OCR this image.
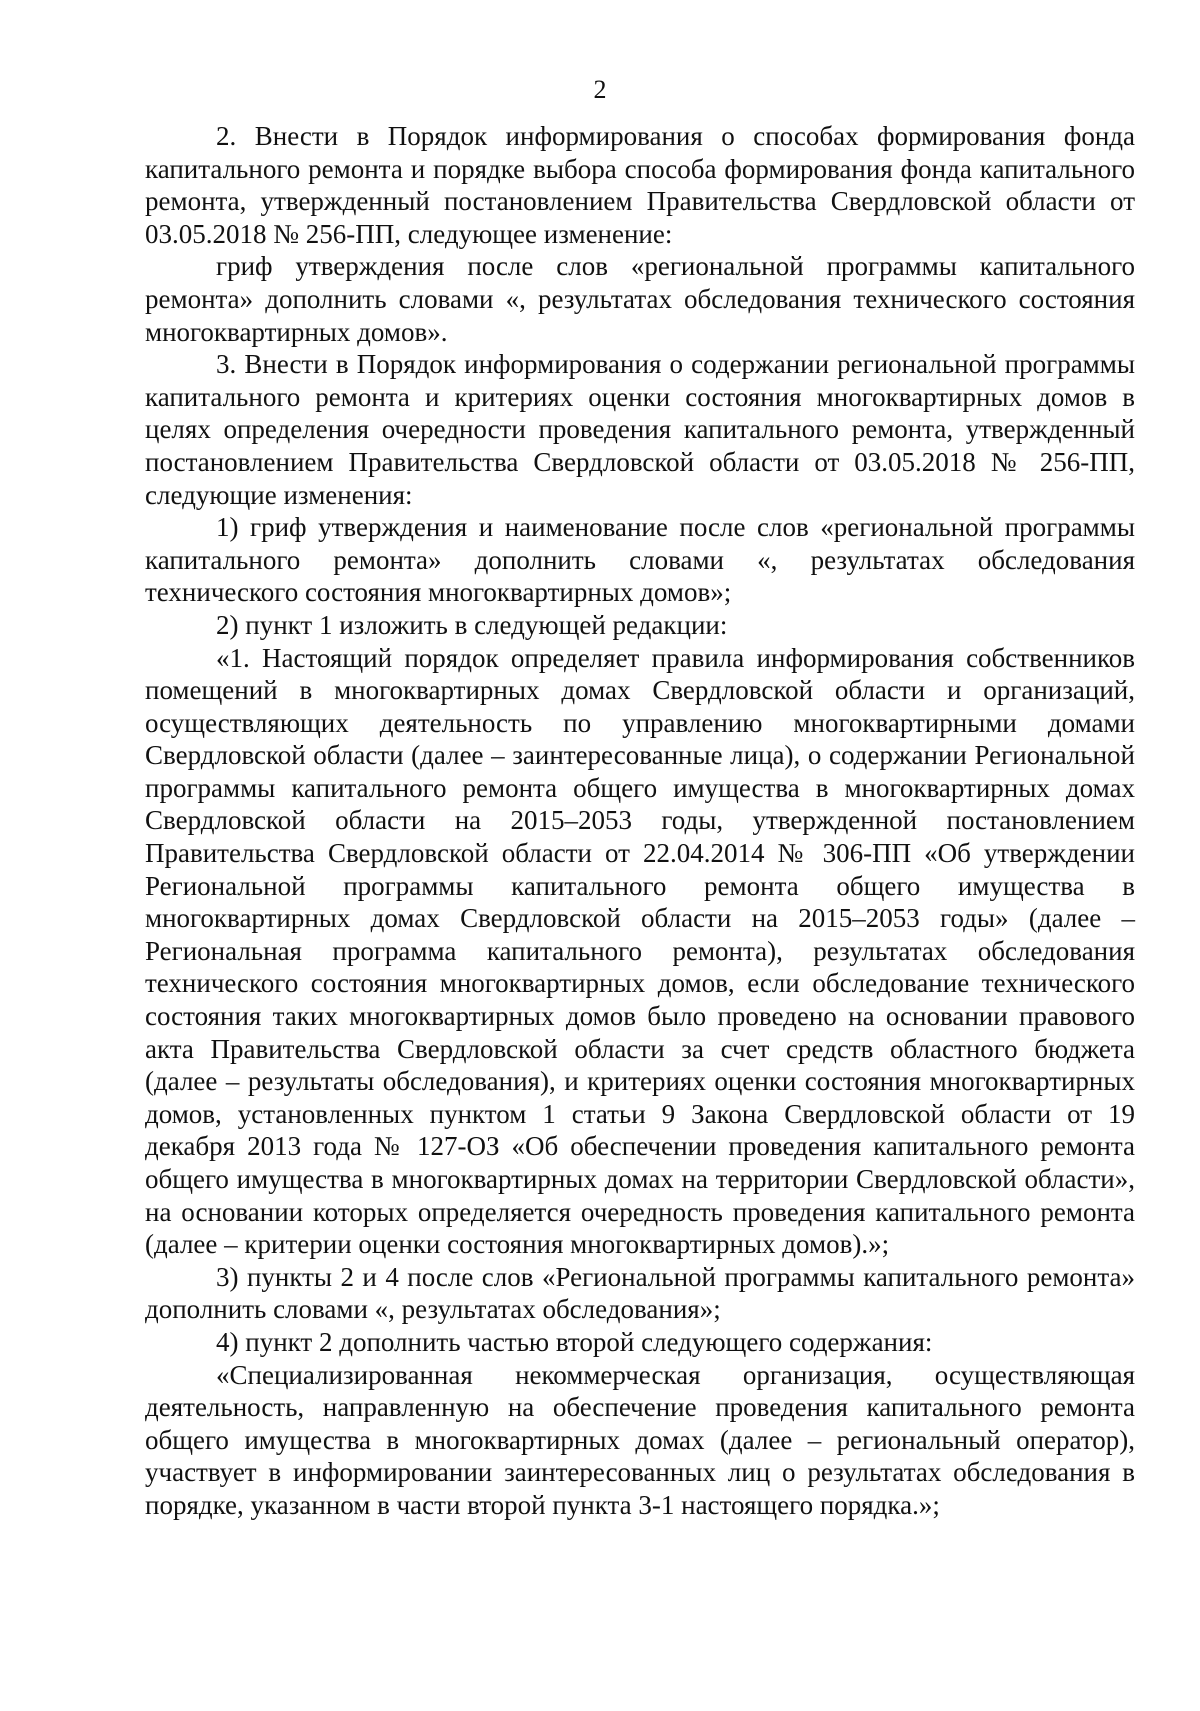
2

2. Внести в Порядок информирования о способах формирования фонда капитального ремонта и порядке выбора способа формирования фонда капитального ремонта, утвержденный постановлением Правительства Свердловской области от 03.05.2018 № 256-ПП, следующее изменение:

гриф утверждения после слов «региональной программы капитального ремонта» дополнить словами «, результатах обследования технического состояния многоквартирных домов».

3. Внести в Порядок информирования о содержании региональной программы капитального ремонта и критериях оценки состояния многоквартирных домов в целях определения очередности проведения капитального ремонта, утвержденный постановлением Правительства Свердловской области от 03.05.2018 № 256-ПП, следующие изменения:

1) гриф утверждения и наименование после слов «региональной программы капитального ремонта» дополнить словами «, результатах обследования технического состояния многоквартирных домов»;

2) пункт 1 изложить в следующей редакции:

«1. Настоящий порядок определяет правила информирования собственников помещений в многоквартирных домах Свердловской области и организаций, осуществляющих деятельность по управлению многоквартирными домами Свердловской области (далее – заинтересованные лица), о содержании Региональной программы капитального ремонта общего имущества в многоквартирных домах Свердловской области на 2015–2053 годы, утвержденной постановлением Правительства Свердловской области от 22.04.2014 № 306-ПП «Об утверждении Региональной программы капитального ремонта общего имущества в многоквартирных домах Свердловской области на 2015–2053 годы» (далее – Региональная программа капитального ремонта), результатах обследования технического состояния многоквартирных домов, если обследование технического состояния таких многоквартирных домов было проведено на основании правового акта Правительства Свердловской области за счет средств областного бюджета (далее – результаты обследования), и критериях оценки состояния многоквартирных домов, установленных пунктом 1 статьи 9 Закона Свердловской области от 19 декабря 2013 года № 127-ОЗ «Об обеспечении проведения капитального ремонта общего имущества в многоквартирных домах на территории Свердловской области», на основании которых определяется очередность проведения капитального ремонта (далее – критерии оценки состояния многоквартирных домов).»;

3) пункты 2 и 4 после слов «Региональной программы капитального ремонта» дополнить словами «, результатах обследования»;

4) пункт 2 дополнить частью второй следующего содержания:

«Специализированная некоммерческая организация, осуществляющая деятельность, направленную на обеспечение проведения капитального ремонта общего имущества в многоквартирных домах (далее – региональный оператор), участвует в информировании заинтересованных лиц о результатах обследования в порядке, указанном в части второй пункта 3-1 настоящего порядка.»;
